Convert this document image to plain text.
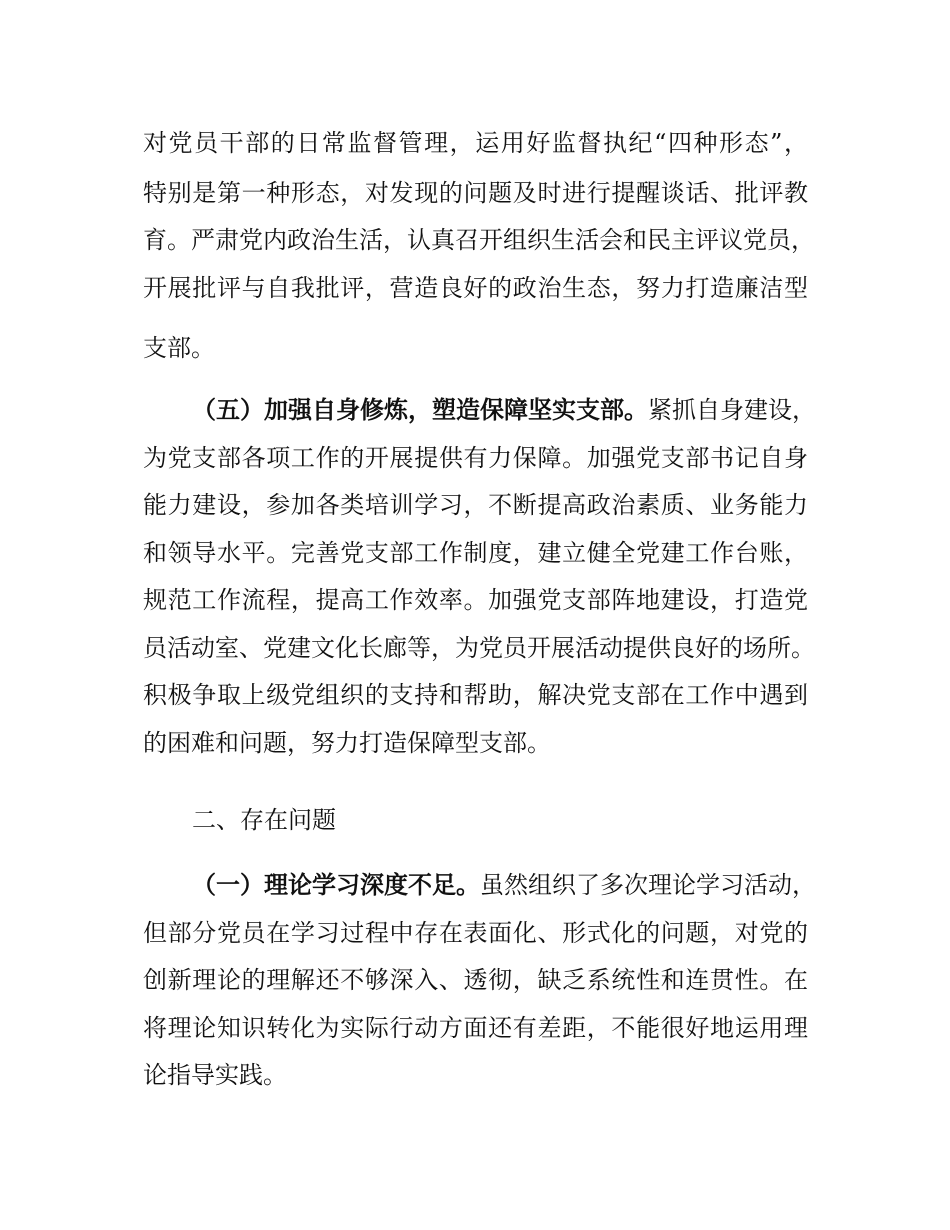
对党员干部的日常监督管理，运用好监督执纪“四种形态”，
特别是第一种形态，对发现的问题及时进行提醒谈话、批评教
育。严肃党内政治生活，认真召开组织生活会和民主评议党员，
开展批评与自我批评，营造良好的政治生态，努力打造廉洁型
支部。
（五）加强自身修炼，塑造保障坚实支部。紧抓自身建设，
为党支部各项工作的开展提供有力保障。加强党支部书记自身
能力建设，参加各类培训学习，不断提高政治素质、业务能力
和领导水平。完善党支部工作制度，建立健全党建工作台账，
规范工作流程，提高工作效率。加强党支部阵地建设，打造党
员活动室、党建文化长廊等，为党员开展活动提供良好的场所。
积极争取上级党组织的支持和帮助，解决党支部在工作中遇到
的困难和问题，努力打造保障型支部。
二、存在问题
（一）理论学习深度不足。虽然组织了多次理论学习活动，
但部分党员在学习过程中存在表面化、形式化的问题，对党的
创新理论的理解还不够深入、透彻，缺乏系统性和连贯性。在
将理论知识转化为实际行动方面还有差距，不能很好地运用理
论指导实践。
